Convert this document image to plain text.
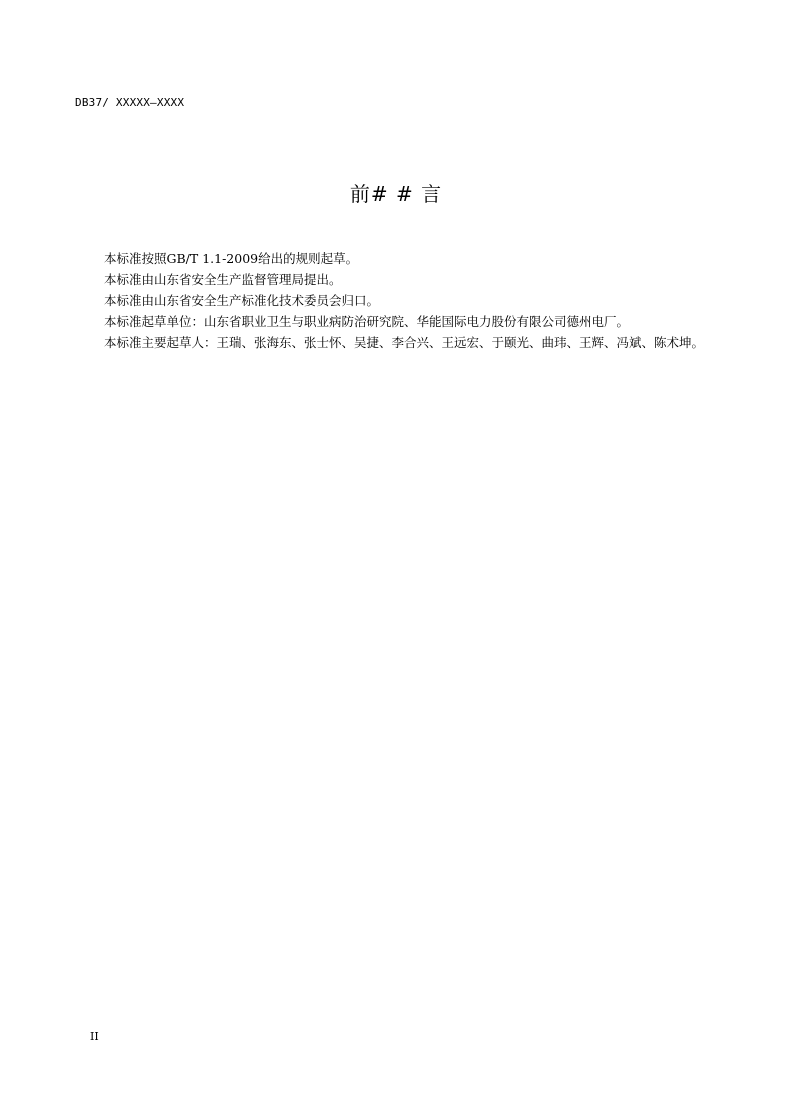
DB37/ XXXXX—XXXX
前# # 言

本标准按照GB/T 1.1-2009给出的规则起草。

本标准由山东省安全生产监督管理局提出。

本标准由山东省安全生产标准化技术委员会归口。

本标准起草单位：山东省职业卫生与职业病防治研究院、华能国际电力股份有限公司德州电厂。

本标准主要起草人：王瑞、张海东、张士怀、吴捷、李合兴、王远宏、于颐光、曲玮、王辉、冯斌、陈术坤。

II
